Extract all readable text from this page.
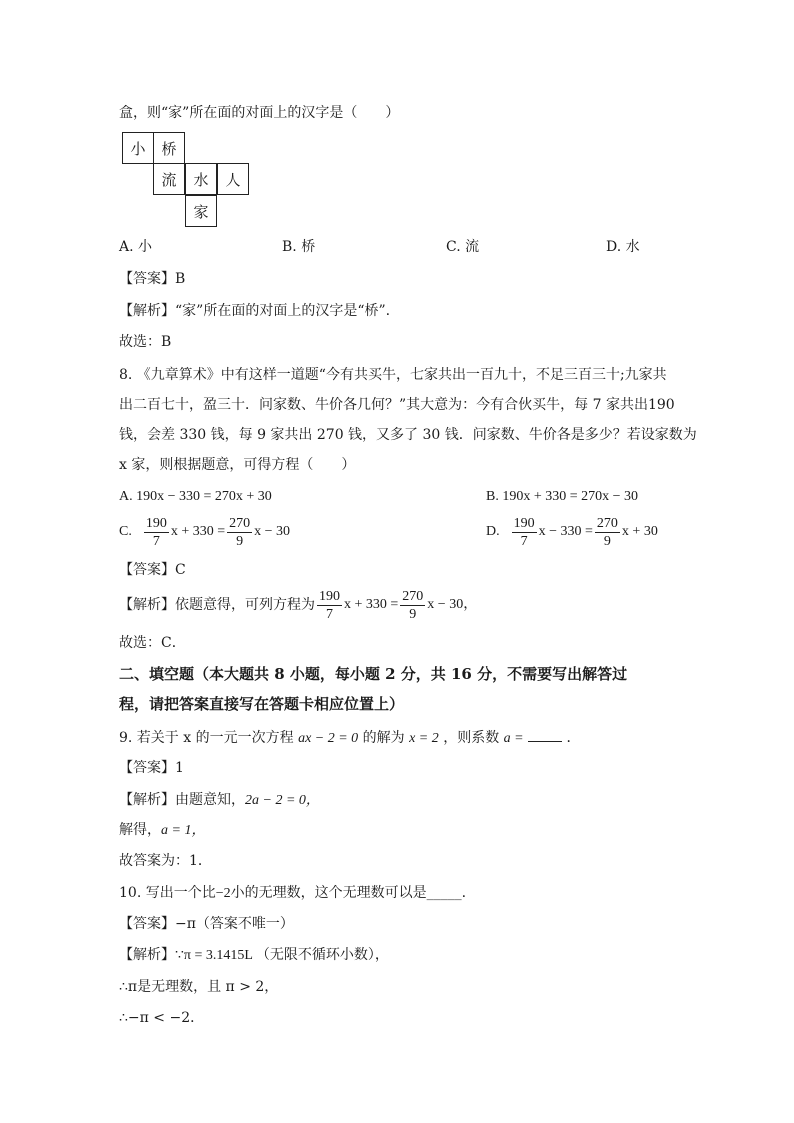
盒，则“家”所在面的对面上的汉字是（　　）
小	桥
流	水	人
家
A. 小	B. 桥	C. 流	D. 水
【答案】B
【解析】“家”所在面的对面上的汉字是“桥”.
故选：B
8. 《九章算术》中有这样一道题“今有共买牛，七家共出一百九十，不足三百三十;九家共
出二百七十，盈三十．问家数、牛价各几何？”其大意为：今有合伙买牛，每 7 家共出190
钱，会差 330 钱，每 9 家共出 270 钱，又多了 30 钱．问家数、牛价各是多少？若设家数为
x 家，则根据题意，可得方程（　　）
A. 190x − 330 = 270x + 30	B. 190x + 330 = 270x − 30
C. $\frac{190}{7}$ $x + 330 = \frac{270}{9}$ x − 30	D. $\frac{190}{7}$ $x - 330 = \frac{270}{9}$ x + 30
【答案】C
【解析】 依题意得，可列方程为 $\frac{190}{7}$ $x + 330 = \frac{270}{9}$ x − 30，
故选：C．
二、填空题（本大题共 8 小题，每小题 2 分，共 16 分，不需要写出解答过
程，请把答案直接写在答题卡相应位置上）
9. 若关于 x 的一元一次方程 ax − 2 = 0 的解为 x = 2 ，则系数 a =	．
【答案】1
【解析】由题意知，2a − 2 = 0，
解得，a = 1，
故答案为：1．
10. 写出一个比−2小的无理数，这个无理数可以是_____.
【答案】−π（答案不唯一）
【解析】∵π = 3.1415L （无限不循环小数），
∴π是无理数，且 π > 2，
∴−π < −2．
